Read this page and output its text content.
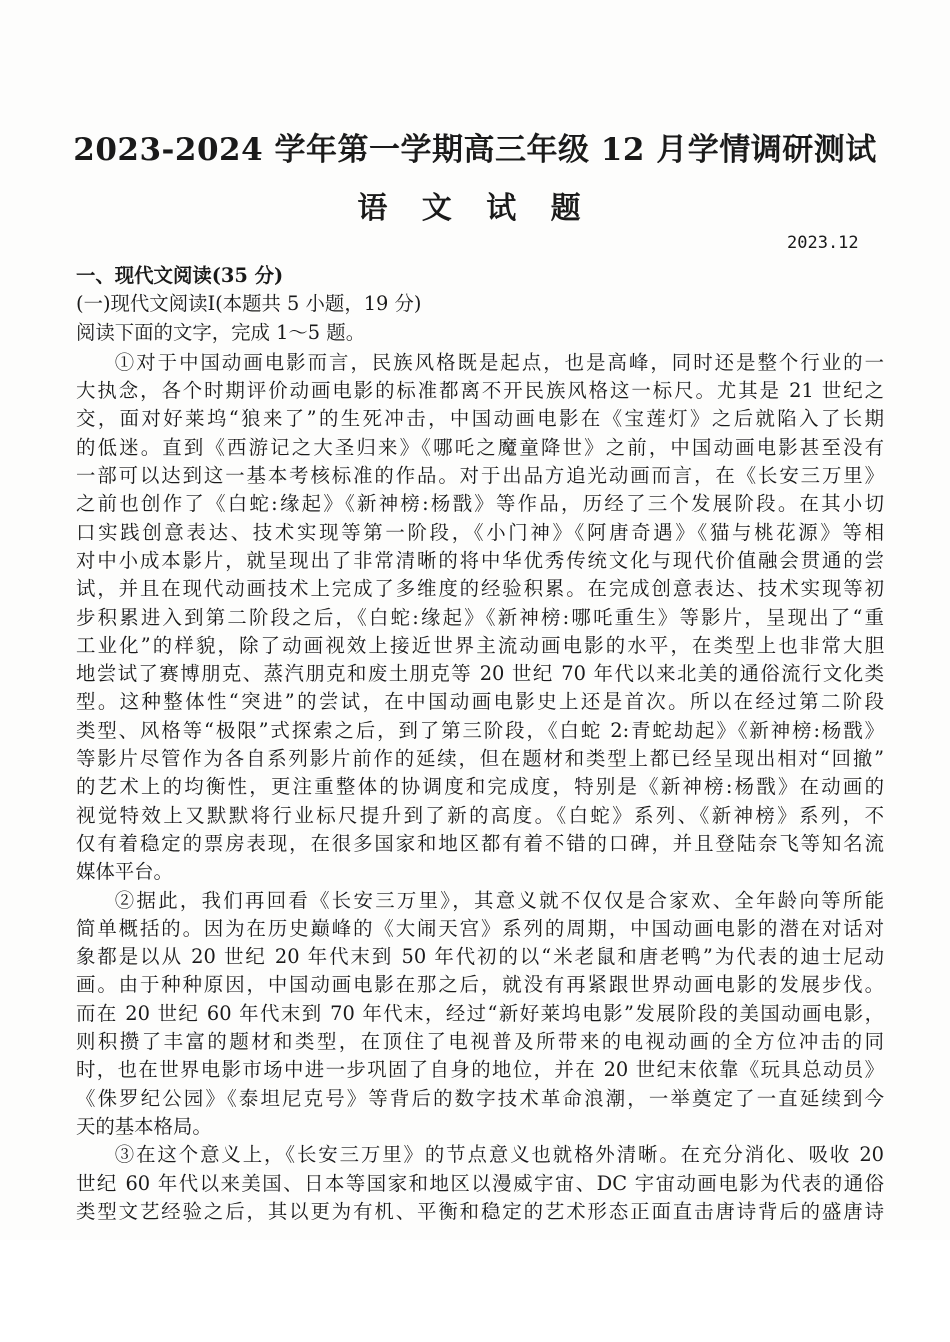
2023-2024 学年第一学期高三年级 12 月学情调研测试
语 文 试 题
2023.12
一、现代文阅读(35 分)
(一)现代文阅读Ⅰ(本题共 5 小题，19 分)
阅读下面的文字，完成 1～5 题。
①对于中国动画电影而言，民族风格既是起点，也是高峰，同时还是整个行业的一
大执念，各个时期评价动画电影的标准都离不开民族风格这一标尺。尤其是 21 世纪之
交，面对好莱坞“狼来了”的生死冲击，中国动画电影在《宝莲灯》之后就陷入了长期
的低迷。直到《西游记之大圣归来》《哪吒之魔童降世》之前，中国动画电影甚至没有
一部可以达到这一基本考核标准的作品。对于出品方追光动画而言，在《长安三万里》
之前也创作了《白蛇:缘起》《新神榜:杨戬》等作品，历经了三个发展阶段。在其小切
口实践创意表达、技术实现等第一阶段，《小门神》《阿唐奇遇》《猫与桃花源》等相
对中小成本影片，就呈现出了非常清晰的将中华优秀传统文化与现代价值融会贯通的尝
试，并且在现代动画技术上完成了多维度的经验积累。在完成创意表达、技术实现等初
步积累进入到第二阶段之后，《白蛇:缘起》《新神榜:哪吒重生》等影片，呈现出了“重
工业化”的样貌，除了动画视效上接近世界主流动画电影的水平，在类型上也非常大胆
地尝试了赛博朋克、蒸汽朋克和废土朋克等 20 世纪 70 年代以来北美的通俗流行文化类
型。这种整体性“突进”的尝试，在中国动画电影史上还是首次。所以在经过第二阶段
类型、风格等“极限”式探索之后，到了第三阶段，《白蛇 2:青蛇劫起》《新神榜:杨戬》
等影片尽管作为各自系列影片前作的延续，但在题材和类型上都已经呈现出相对“回撤”
的艺术上的均衡性，更注重整体的协调度和完成度，特别是《新神榜:杨戬》在动画的
视觉特效上又默默将行业标尺提升到了新的高度。《白蛇》系列、《新神榜》系列，不
仅有着稳定的票房表现，在很多国家和地区都有着不错的口碑，并且登陆奈飞等知名流
媒体平台。
②据此，我们再回看《长安三万里》，其意义就不仅仅是合家欢、全年龄向等所能
简单概括的。因为在历史巅峰的《大闹天宫》系列的周期，中国动画电影的潜在对话对
象都是以从 20 世纪 20 年代末到 50 年代初的以“米老鼠和唐老鸭”为代表的迪士尼动
画。由于种种原因，中国动画电影在那之后，就没有再紧跟世界动画电影的发展步伐。
而在 20 世纪 60 年代末到 70 年代末，经过“新好莱坞电影”发展阶段的美国动画电影，
则积攒了丰富的题材和类型，在顶住了电视普及所带来的电视动画的全方位冲击的同
时，也在世界电影市场中进一步巩固了自身的地位，并在 20 世纪末依靠《玩具总动员》
《侏罗纪公园》《泰坦尼克号》等背后的数字技术革命浪潮，一举奠定了一直延续到今
天的基本格局。
③在这个意义上，《长安三万里》的节点意义也就格外清晰。在充分消化、吸收 20
世纪 60 年代以来美国、日本等国家和地区以漫威宇宙、DC 宇宙动画电影为代表的通俗
类型文艺经验之后，其以更为有机、平衡和稳定的艺术形态正面直击唐诗背后的盛唐诗
